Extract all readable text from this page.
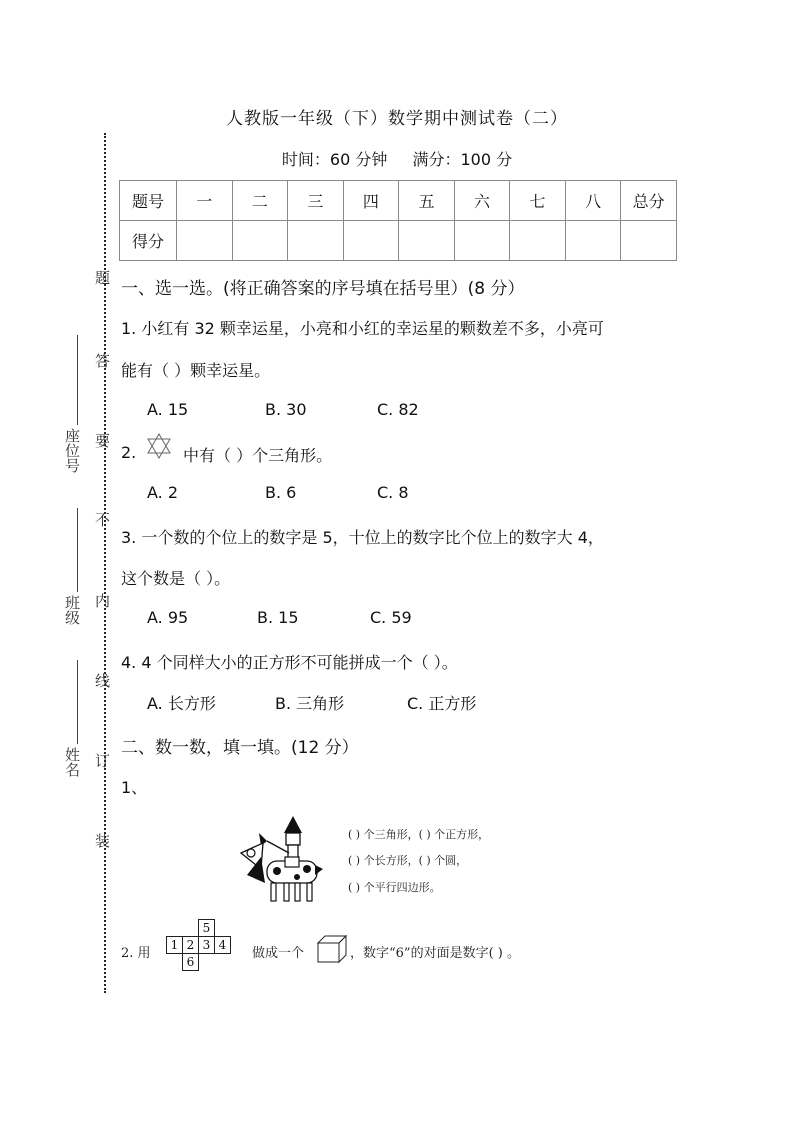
题
答
要
不
内
线
订
装
座位号
班级
姓名
人教版一年级（下）数学期中测试卷（二）
时间：60 分钟 满分：100 分
题号	一	二	三	四	五	六	七	八	总分
得分									
一、选一选。(将正确答案的序号填在括号里）(8 分）
1. 小红有 32 颗幸运星，小亮和小红的幸运星的颗数差不多，小亮可
能有（ ）颗幸运星。
A. 15	B. 30	C. 82
2.	中有（ ）个三角形。
A. 2	B. 6	C. 8
3. 一个数的个位上的数字是 5，十位上的数字比个位上的数字大 4，
这个数是（ ）。
A. 95	B. 15	C. 59
4. 4 个同样大小的正方形不可能拼成一个（ ）。
A. 长方形	B. 三角形	C. 正方形
二、数一数，填一填。(12 分）
1、
( ) 个三角形，( ) 个正方形，
( ) 个长方形，( ) 个圆，
( ) 个平行四边形。
2. 用
		5	
1	2	3	4
	6		
做成一个	，数字“6”的对面是数字( ) 。
